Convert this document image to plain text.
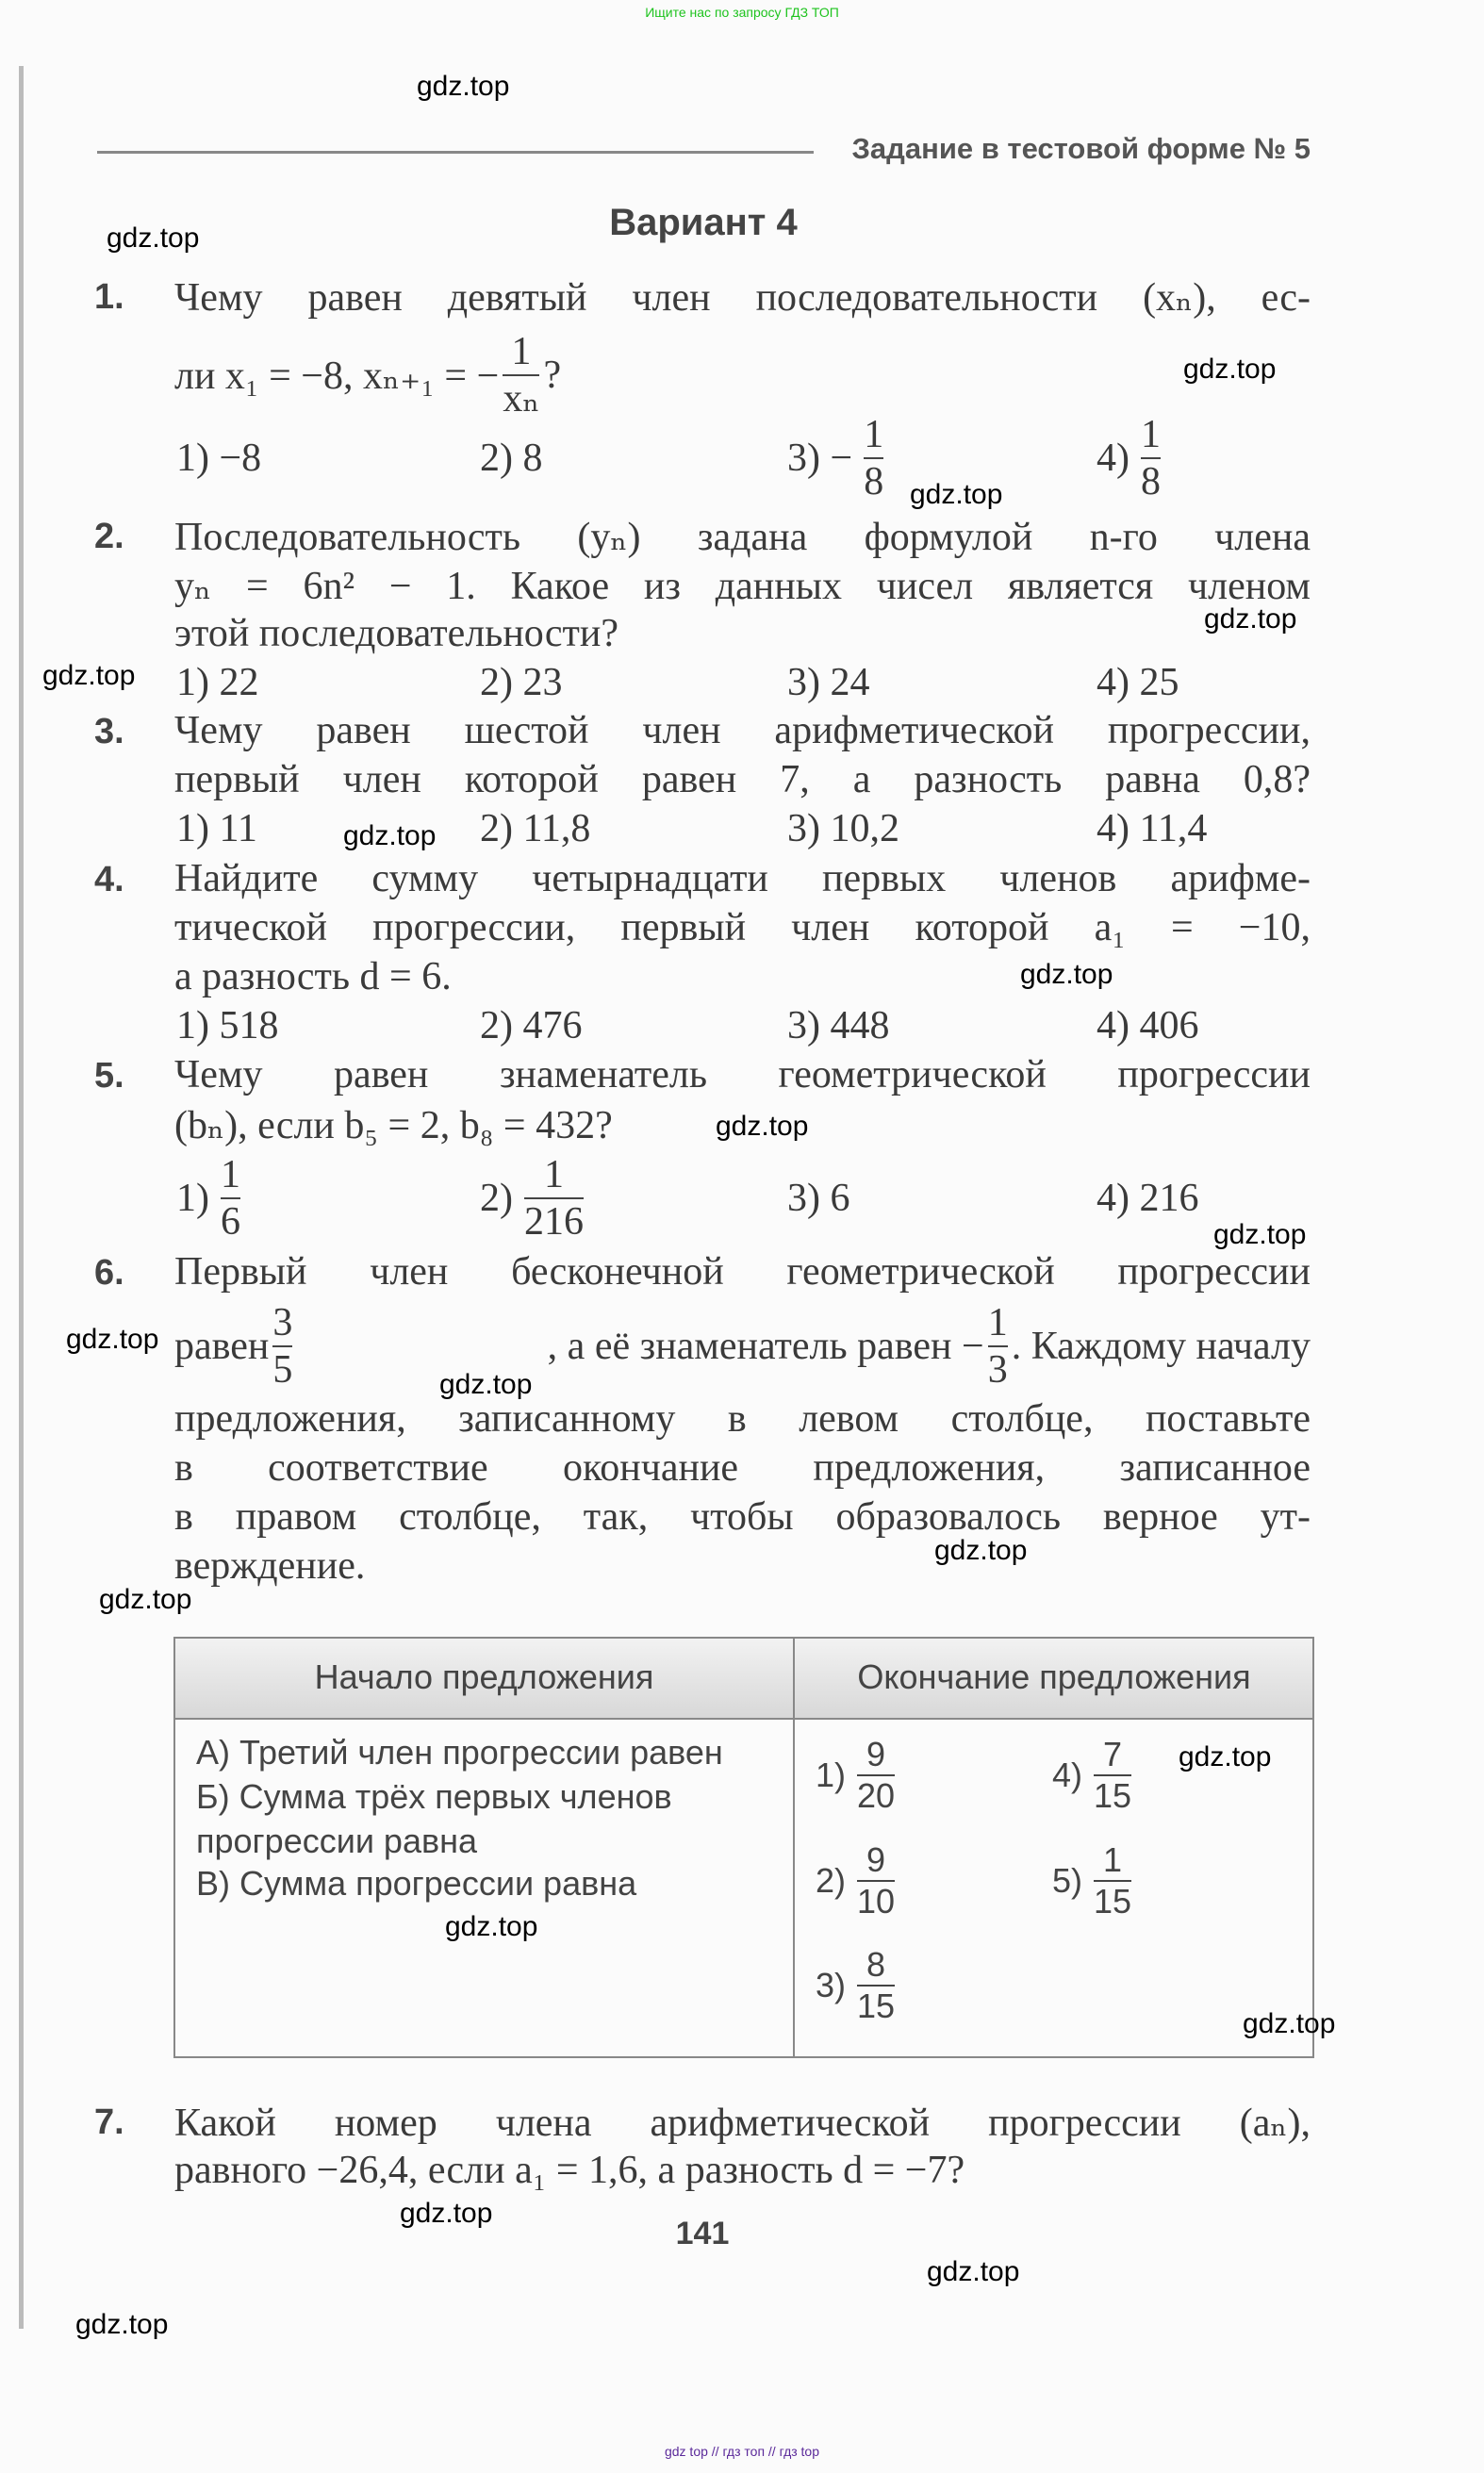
Ищите нас по запросу ГДЗ ТОП
Задание в тестовой форме № 5
Вариант 4
1. Чему равен девятый член последовательности (xₙ), ес-
ли x₁ = −8, xₙ₊₁ = − $\frac{1}{\text{xₙ}}$ ?
1) −8	2) 8	$3) - \frac{1}{8}$	$4) \frac{1}{8}$
2. Последовательность (yₙ) задана формулой n-го члена
yₙ = 6n² − 1. Какое из данных чисел является членом
этой последовательности?
1) 22	2) 23	3) 24	4) 25
3. Чему равен шестой член арифметической прогрессии,
первый член которой равен 7, а разность равна 0,8?
1) 11	2) 11,8	3) 10,2	4) 11,4
4. Найдите сумму четырнадцати первых членов арифме-
тической прогрессии, первый член которой a₁ = −10,
а разность d = 6.
1) 518	2) 476	3) 448	4) 406
5. Чему равен знаменатель геометрической прогрессии
(bₙ), если b₅ = 2, b₈ = 432?
$1) \frac{1}{6}$	$2) \frac{1}{216}$	3) 6	4) 216
6. Первый член бесконечной геометрической прогрессии
равен $\frac{3}{5}$	, а её знаменатель равен − $\frac{1}{3}$ . Каждому началу
предложения, записанному в левом столбце, поставьте
в соответствие окончание предложения, записанное
в правом столбце, так, чтобы образовалось верное ут-
верждение.
Начало предложения	Окончание предложения
А) Третий член прогрессии равен
Б) Сумма трёх первых членов
прогрессии равна
В) Сумма прогрессии равна
$1) \frac{9}{20}$
$2) \frac{9}{10}$
$3) \frac{8}{15}$
$4) \frac{7}{15}$
$5) \frac{1}{15}$
7. Какой номер члена арифметической прогрессии (aₙ),
равного −26,4, если a₁ = 1,6, а разность d = −7?
141
gdz.top
gdz.top
gdz.top
gdz.top
gdz.top
gdz.top
gdz.top
gdz.top
gdz.top
gdz.top
gdz.top
gdz.top
gdz.top
gdz.top
gdz.top
gdz.top
gdz.top
gdz.top
gdz.top
gdz.top
gdz top // гдз топ // гдз top
